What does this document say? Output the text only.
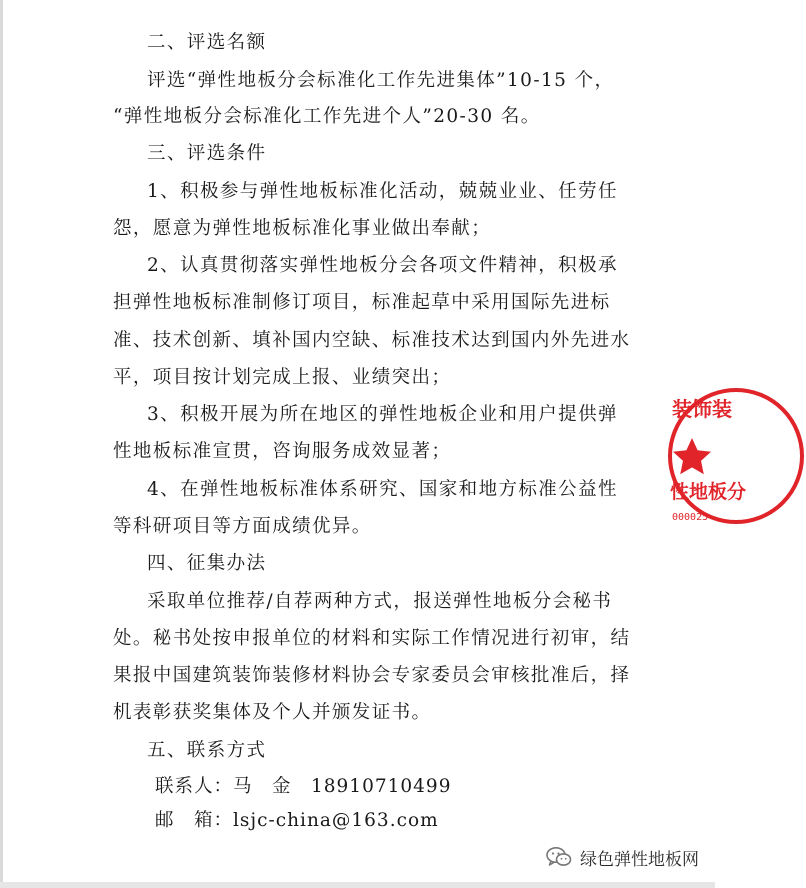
二、评选名额
评选“弹性地板分会标准化工作先进集体”10-15 个，
“弹性地板分会标准化工作先进个人”20-30 名。
三、评选条件
1、积极参与弹性地板标准化活动，兢兢业业、任劳任
怨，愿意为弹性地板标准化事业做出奉献；
2、认真贯彻落实弹性地板分会各项文件精神，积极承
担弹性地板标准制修订项目，标准起草中采用国际先进标
准、技术创新、填补国内空缺、标准技术达到国内外先进水
平，项目按计划完成上报、业绩突出；
3、积极开展为所在地区的弹性地板企业和用户提供弹
性地板标准宣贯，咨询服务成效显著；
4、在弹性地板标准体系研究、国家和地方标准公益性
等科研项目等方面成绩优异。
四、征集办法
采取单位推荐/自荐两种方式，报送弹性地板分会秘书
处。秘书处按申报单位的材料和实际工作情况进行初审，结
果报中国建筑装饰装修材料协会专家委员会审核批准后，择
机表彰获奖集体及个人并颁发证书。
五、联系方式
联系人：马　金　18910710499
邮　箱：lsjc-china@163.com
装饰装
性地板分
000025
绿色弹性地板网
